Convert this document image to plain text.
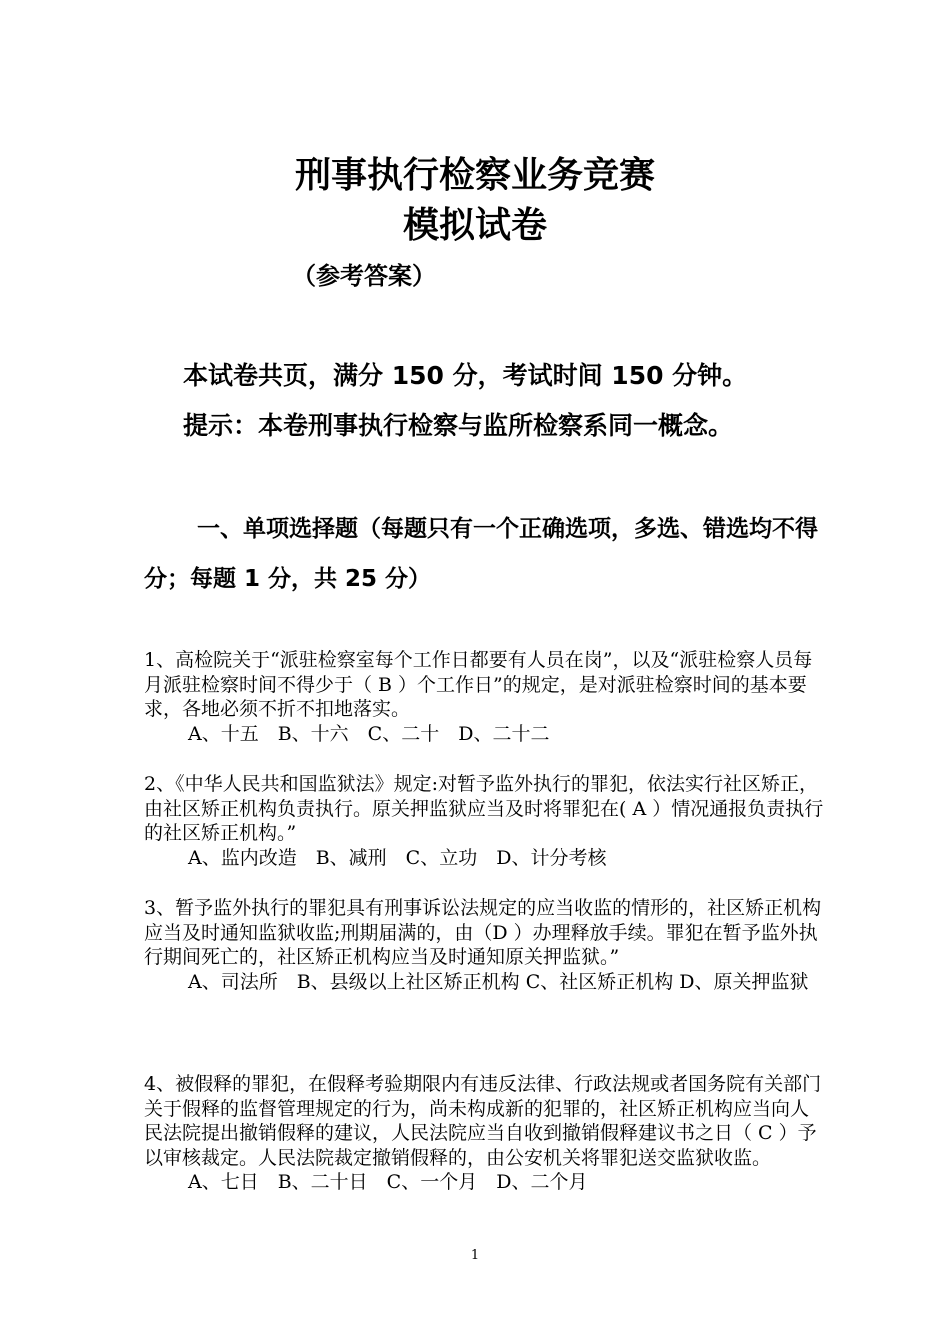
刑事执行检察业务竞赛
模拟试卷
（参考答案）
本试卷共页，满分 150 分，考试时间 150 分钟。
提示：本卷刑事执行检察与监所检察系同一概念。
一、单项选择题（每题只有一个正确选项，多选、错选均不得分；每题 1 分，共 25 分）

1、高检院关于“派驻检察室每个工作日都要有人员在岗”，以及“派驻检察人员每月派驻检察时间不得少于（ B ）个工作日”的规定，是对派驻检察时间的基本要求，各地必须不折不扣地落实。

A、十五　B、十六　C、二十　D、二十二

2、《中华人民共和国监狱法》规定:对暂予监外执行的罪犯，依法实行社区矫正，由社区矫正机构负责执行。原关押监狱应当及时将罪犯在( A ）情况通报负责执行的社区矫正机构。”

A、监内改造　B、减刑　C、立功　D、计分考核

3、暂予监外执行的罪犯具有刑事诉讼法规定的应当收监的情形的，社区矫正机构应当及时通知监狱收监;刑期届满的，由（D ）办理释放手续。罪犯在暂予监外执行期间死亡的，社区矫正机构应当及时通知原关押监狱。”

A、司法所　B、县级以上社区矫正机构 C、社区矫正机构 D、原关押监狱

4、被假释的罪犯，在假释考验期限内有违反法律、行政法规或者国务院有关部门关于假释的监督管理规定的行为，尚未构成新的犯罪的，社区矫正机构应当向人民法院提出撤销假释的建议，人民法院应当自收到撤销假释建议书之日（ C ）予以审核裁定。人民法院裁定撤销假释的，由公安机关将罪犯送交监狱收监。

A、七日　B、二十日　C、一个月　D、二个月

1
